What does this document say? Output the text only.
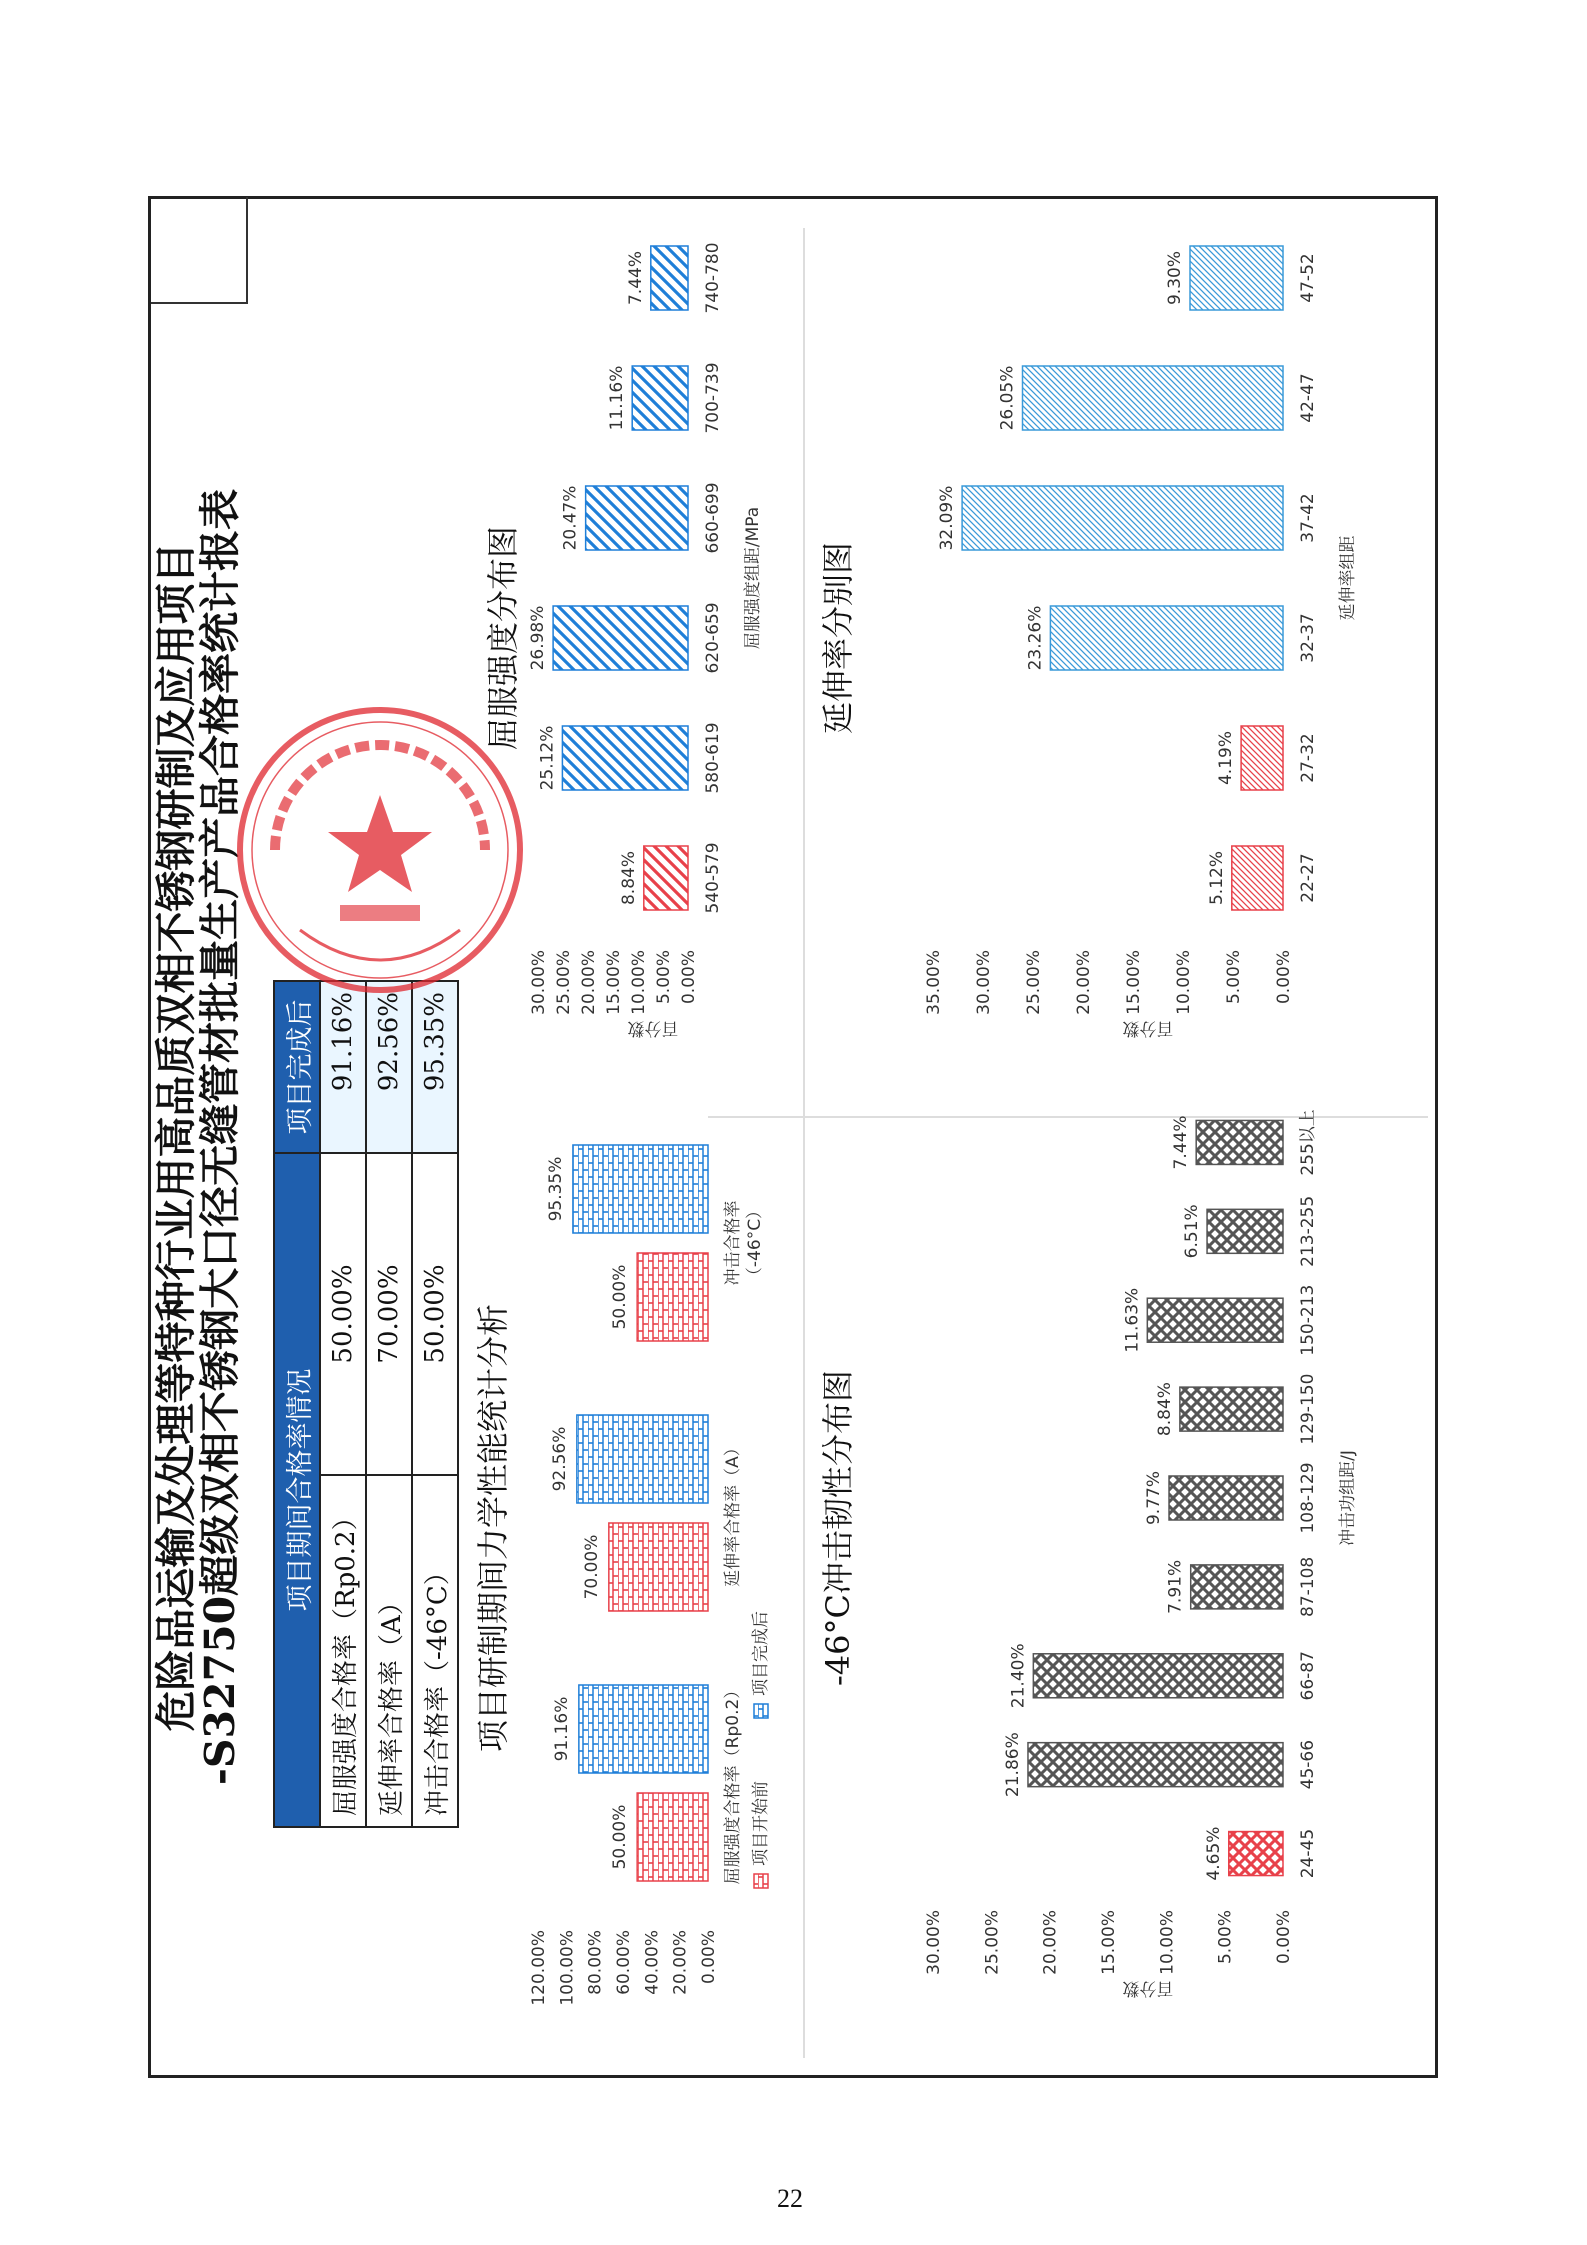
危险品运输及处理等特种行业用高品质双相不锈钢研制及应用项目
-S32750超级双相不锈钢大口径无缝管材批量生产产品合格率统计报表 项目期间合格率情况		项目完成后
屈服强度合格率（Rp0.2）	50.00%	91.16%
延伸率合格率（A）	70.00%	92.56%
冲击合格率（-46°C）	50.00%	95.35%
项目研制期间力学性能统计分析
0.00%
20.00%
40.00%
60.00%
80.00%
100.00%
120.00%
50.00%
91.16%	屈服强度合格率（Rp0.2）
70.00%
92.56%	延伸率合格率（A）
50.00%
95.35%
冲击合格率 （-46°C）
项目开始前
项目完成后 -46°C冲击韧性分布图
0.00%
5.00%
10.00%
15.00%
20.00%
25.00%
30.00%
百分数
4.65%	24-45
21.86%	45-66
21.40%	66-87
7.91%	87-108
9.77%	108-129
8.84%	129-150
11.63%	150-213
6.51%	213-255
7.44%	255以上
冲击功组距/J
屈服强度分布图
0.00%
5.00%
10.00%
15.00%
20.00%
25.00%
30.00%
百分数
8.84%	540-579
25.12%	580-619
26.98%	620-659
20.47%	660-699
11.16%	700-739
7.44%	740-780
屈服强度组距/MPa 延伸率分别图
0.00%
5.00%
10.00%
15.00%
20.00%
25.00%
30.00%
35.00%
百分数
5.12%	22-27
4.19%	27-32
23.26%	32-37
32.09%	37-42
26.05%	42-47
9.30%	47-52
延伸率组距
22
